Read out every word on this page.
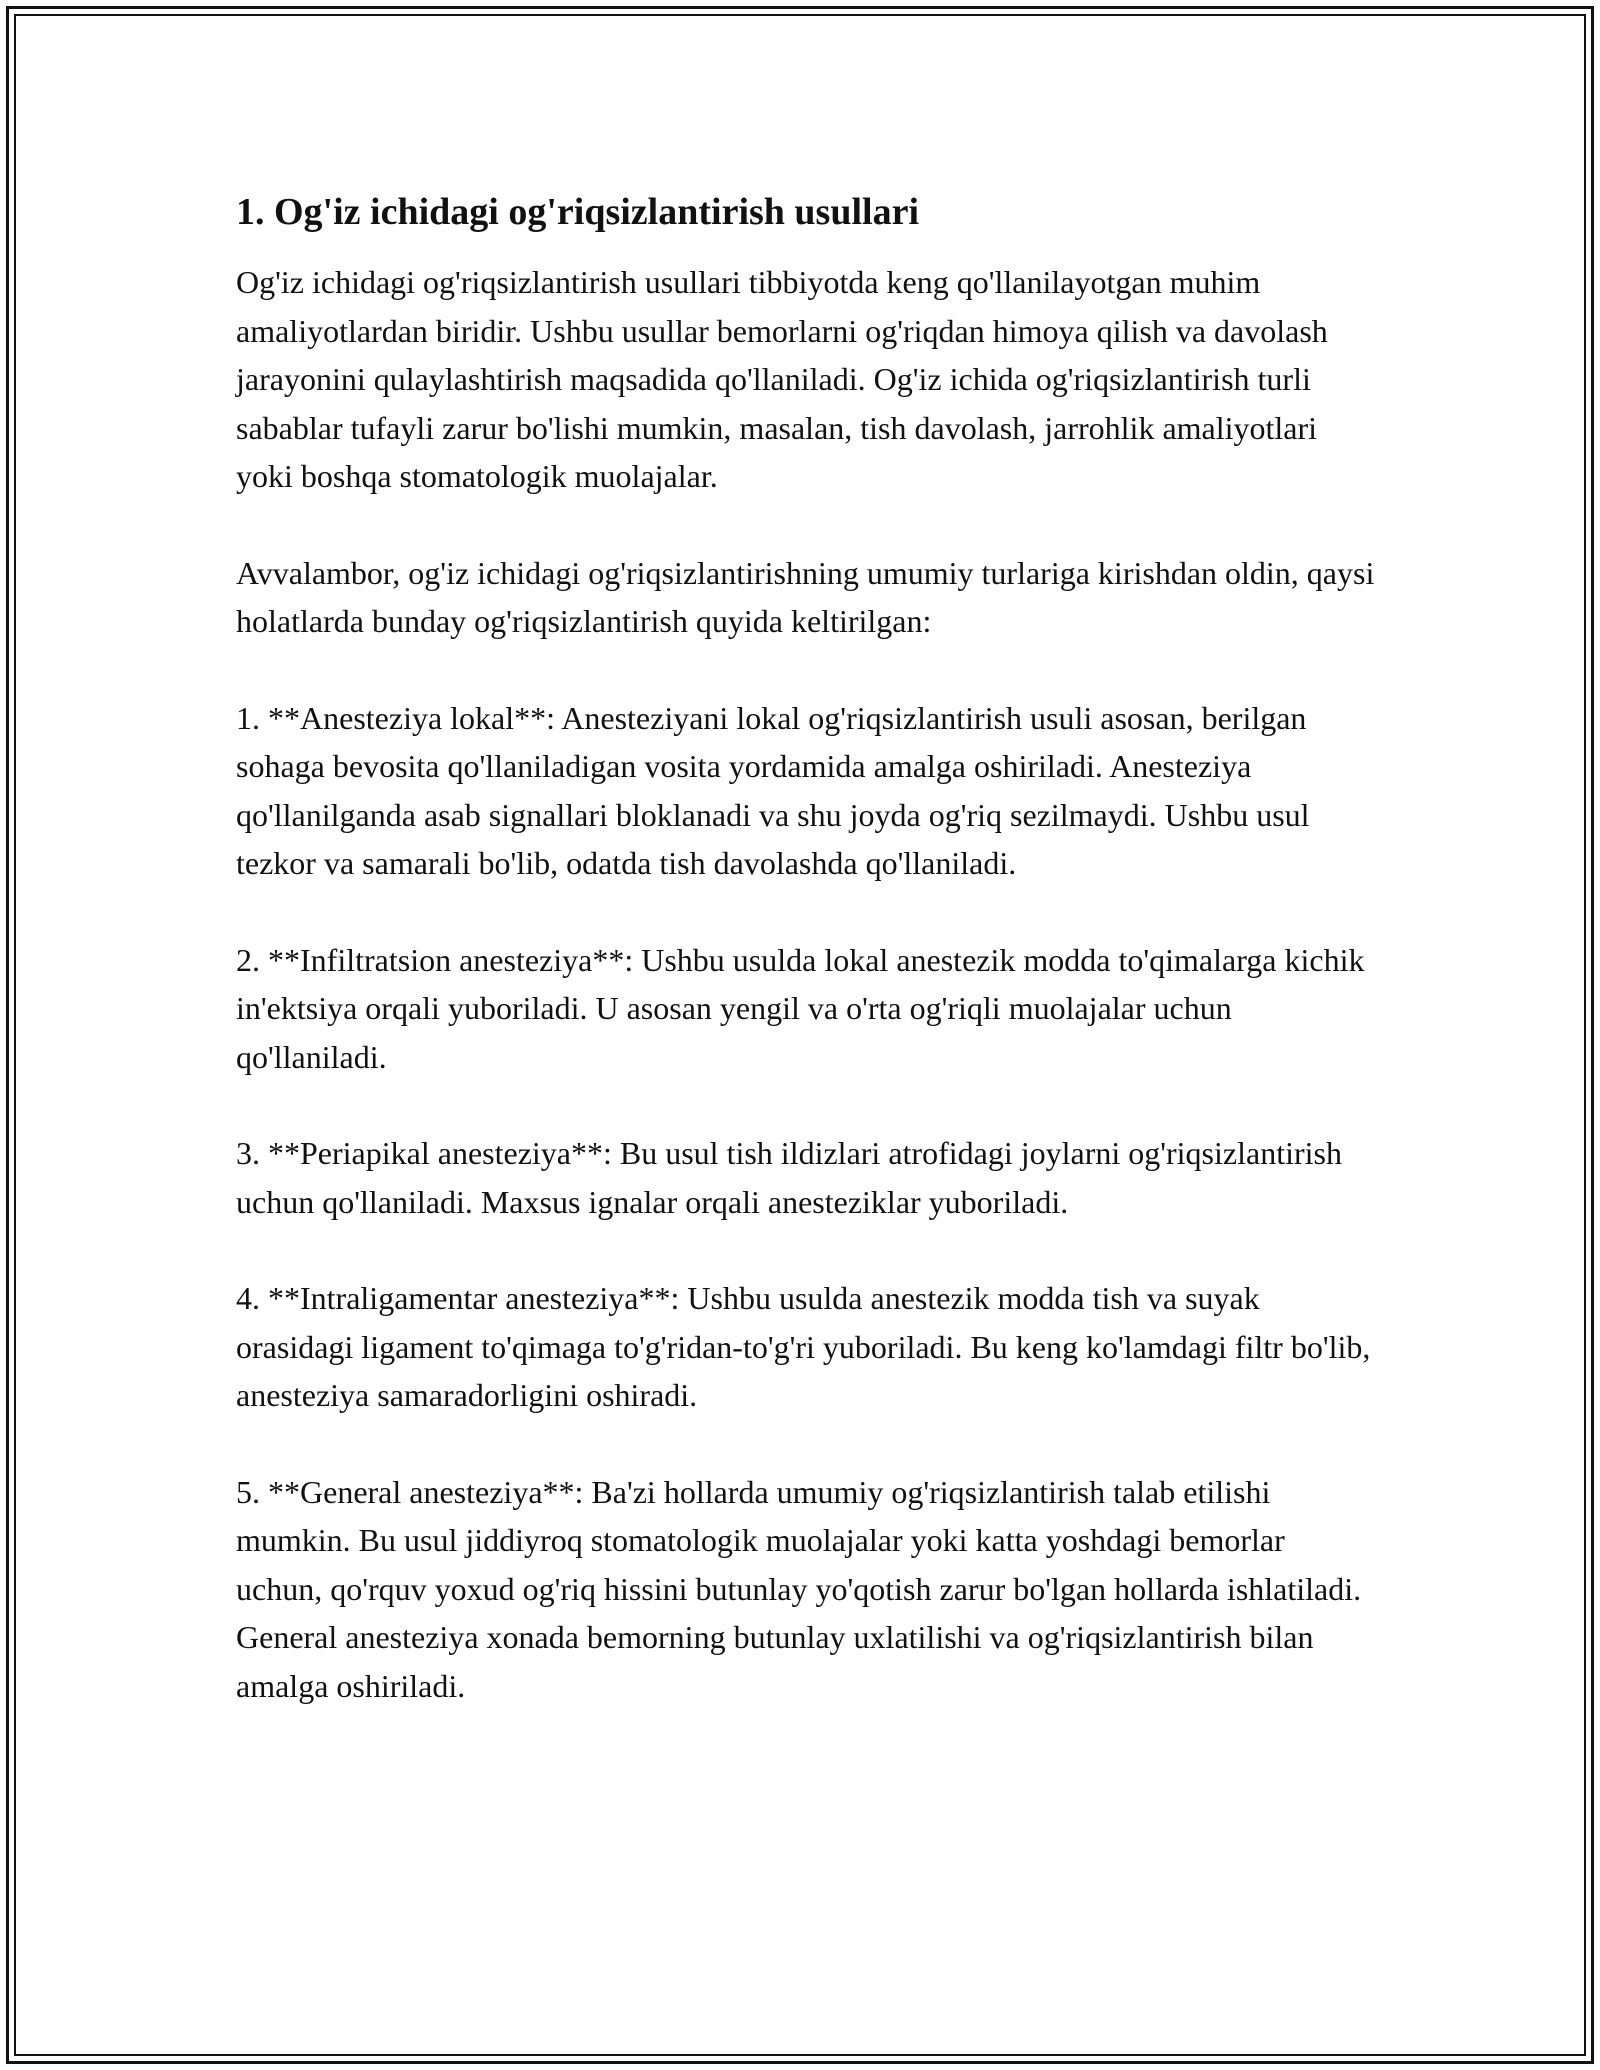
1. Og'iz ichidagi og'riqsizlantirish usullari

Og'iz ichidagi og'riqsizlantirish usullari tibbiyotda keng qo'llanilayotgan muhim amaliyotlardan biridir. Ushbu usullar bemorlarni og'riqdan himoya qilish va davolash jarayonini qulaylashtirish maqsadida qo'llaniladi. Og'iz ichida og'riqsizlantirish turli sabablar tufayli zarur bo'lishi mumkin, masalan, tish davolash, jarrohlik amaliyotlari yoki boshqa stomatologik muolajalar.

Avvalambor, og'iz ichidagi og'riqsizlantirishning umumiy turlariga kirishdan oldin, qaysi holatlarda bunday og'riqsizlantirish quyida keltirilgan:

1. **Anesteziya lokal**: Anesteziyani lokal og'riqsizlantirish usuli asosan, berilgan sohaga bevosita qo'llaniladigan vosita yordamida amalga oshiriladi. Anesteziya qo'llanilganda asab signallari bloklanadi va shu joyda og'riq sezilmaydi. Ushbu usul tezkor va samarali bo'lib, odatda tish davolashda qo'llaniladi.

2. **Infiltratsion anesteziya**: Ushbu usulda lokal anestezik modda to'qimalarga kichik in'ektsiya orqali yuboriladi. U asosan yengil va o'rta og'riqli muolajalar uchun qo'llaniladi.

3. **Periapikal anesteziya**: Bu usul tish ildizlari atrofidagi joylarni og'riqsizlantirish uchun qo'llaniladi. Maxsus ignalar orqali anesteziklar yuboriladi.

4. **Intraligamentar anesteziya**: Ushbu usulda anestezik modda tish va suyak orasidagi ligament to'qimaga to'g'ridan-to'g'ri yuboriladi. Bu keng ko'lamdagi filtr bo'lib, anesteziya samaradorligini oshiradi.

5. **General anesteziya**: Ba'zi hollarda umumiy og'riqsizlantirish talab etilishi mumkin. Bu usul jiddiyroq stomatologik muolajalar yoki katta yoshdagi bemorlar uchun, qo'rquv yoxud og'riq hissini butunlay yo'qotish zarur bo'lgan hollarda ishlatiladi. General anesteziya xonada bemorning butunlay uxlatilishi va og'riqsizlantirish bilan amalga oshiriladi.
